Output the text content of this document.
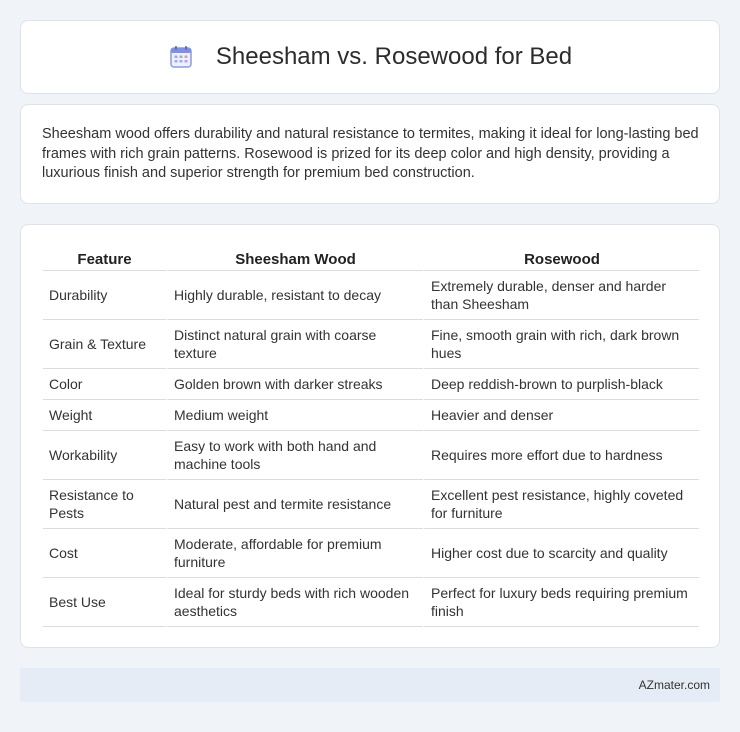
Sheesham vs. Rosewood for Bed

Sheesham wood offers durability and natural resistance to termites, making it ideal for long-lasting bed frames with rich grain patterns. Rosewood is prized for its deep color and high density, providing a luxurious finish and superior strength for premium bed construction.

Feature	Sheesham Wood	Rosewood
Durability	Highly durable, resistant to decay	Extremely durable, denser and harder than Sheesham
Grain & Texture	Distinct natural grain with coarse texture	Fine, smooth grain with rich, dark brown hues
Color	Golden brown with darker streaks	Deep reddish-brown to purplish-black
Weight	Medium weight	Heavier and denser
Workability	Easy to work with both hand and machine tools	Requires more effort due to hardness
Resistance to Pests	Natural pest and termite resistance	Excellent pest resistance, highly coveted for furniture
Cost	Moderate, affordable for premium furniture	Higher cost due to scarcity and quality
Best Use	Ideal for sturdy beds with rich wooden aesthetics	Perfect for luxury beds requiring premium finish
AZmater.com
